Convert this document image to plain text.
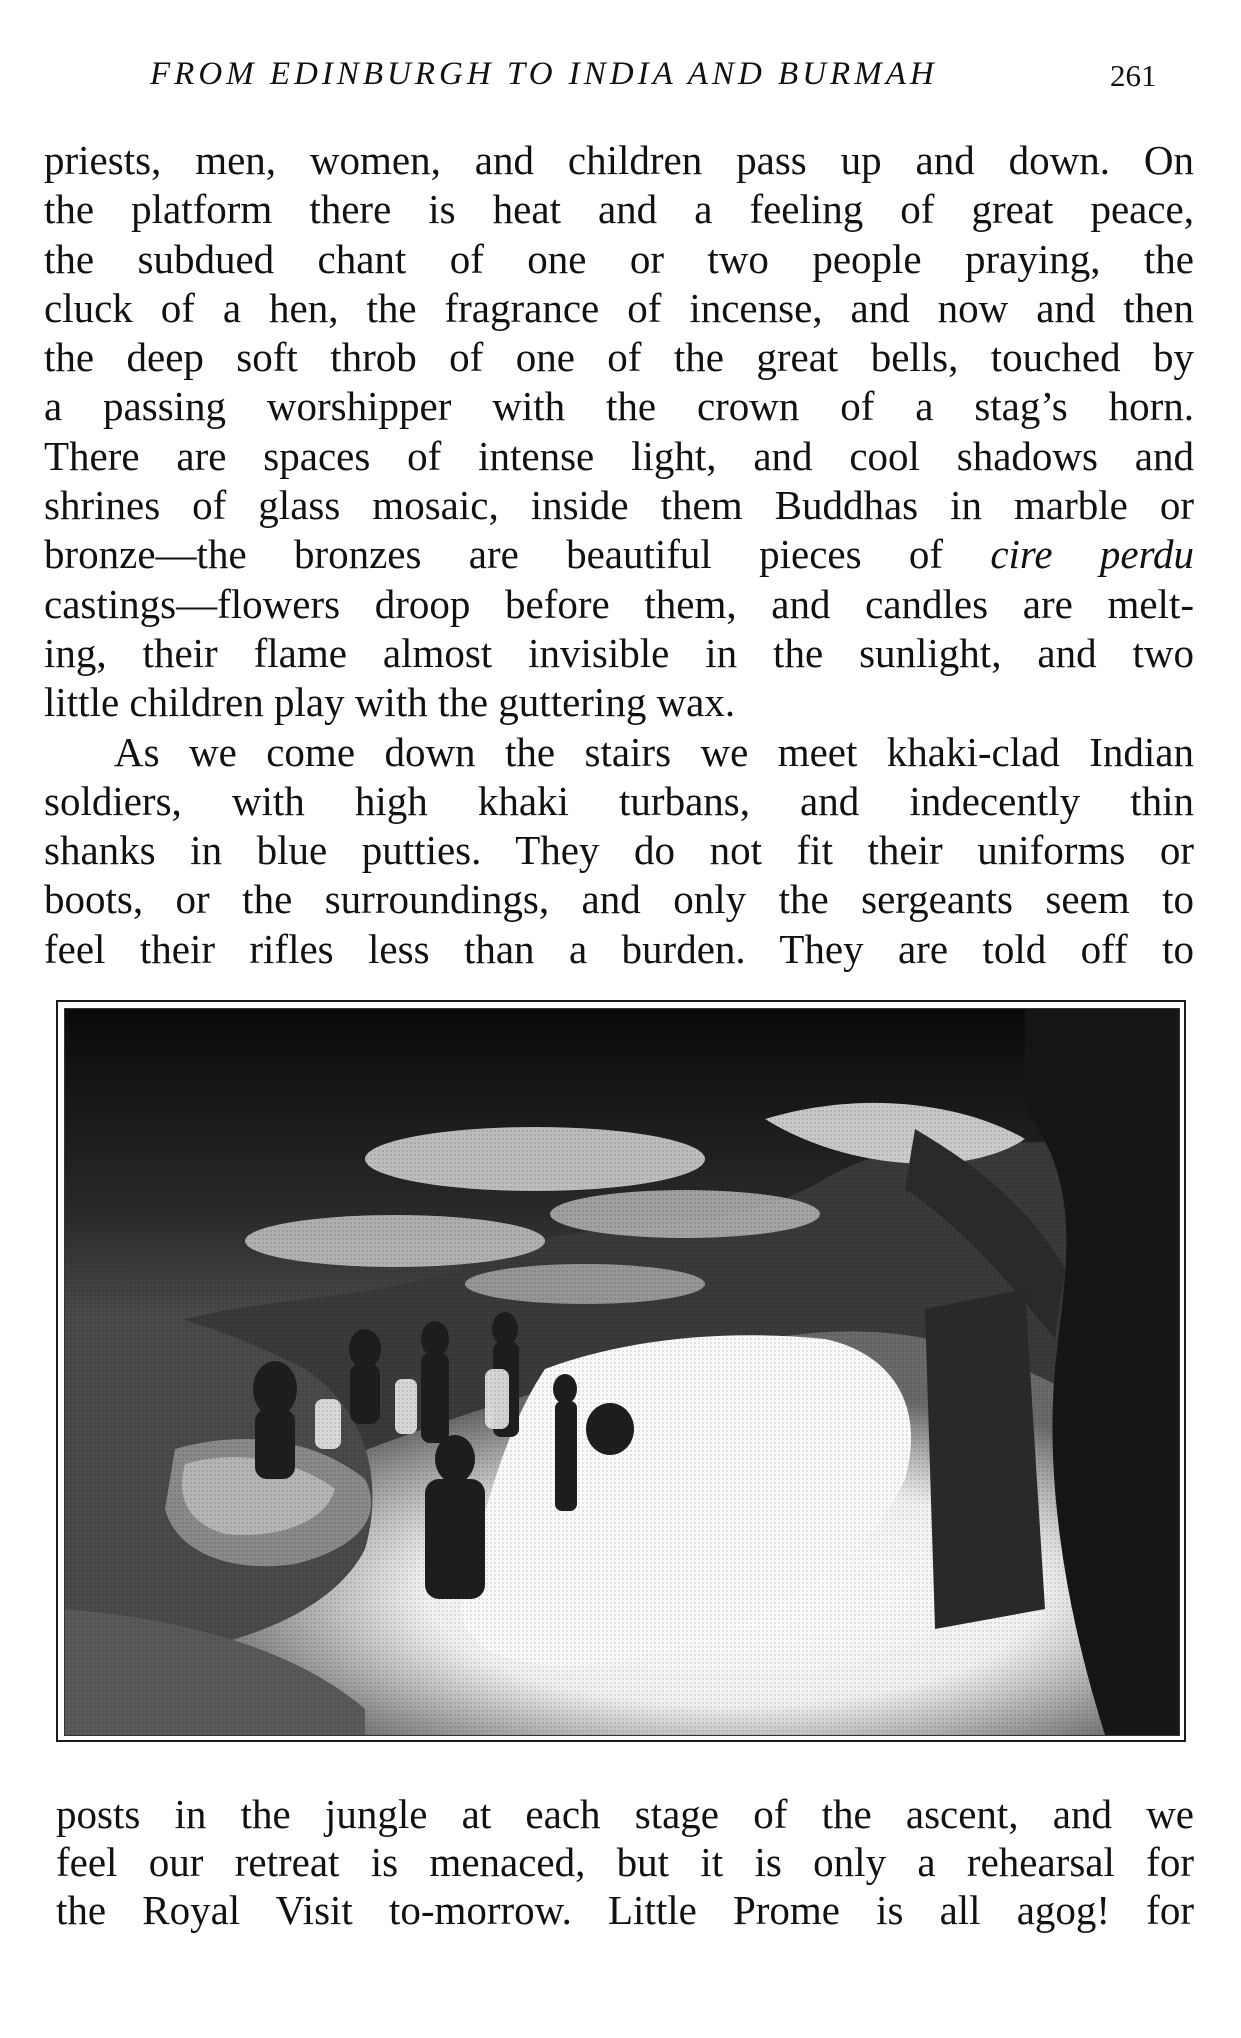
FROM EDINBURGH TO INDIA AND BURMAH	261
priests, men, women, and children pass up and down. On
the platform there is heat and a feeling of great peace,
the subdued chant of one or two people praying, the
cluck of a hen, the fragrance of incense, and now and then
the deep soft throb of one of the great bells, touched by
a passing worshipper with the crown of a stag’s horn.
There are spaces of intense light, and cool shadows and
shrines of glass mosaic, inside them Buddhas in marble or
bronze—the bronzes are beautiful pieces of cire perdu
castings—flowers droop before them, and candles are melt-
ing, their flame almost invisible in the sunlight, and two
little children play with the guttering wax.
As we come down the stairs we meet khaki-clad Indian
soldiers, with high khaki turbans, and indecently thin
shanks in blue putties. They do not fit their uniforms or
boots, or the surroundings, and only the sergeants seem to
feel their rifles less than a burden. They are told off to
posts in the jungle at each stage of the ascent, and we
feel our retreat is menaced, but it is only a rehearsal for
the Royal Visit to-morrow. Little Prome is all agog! for
